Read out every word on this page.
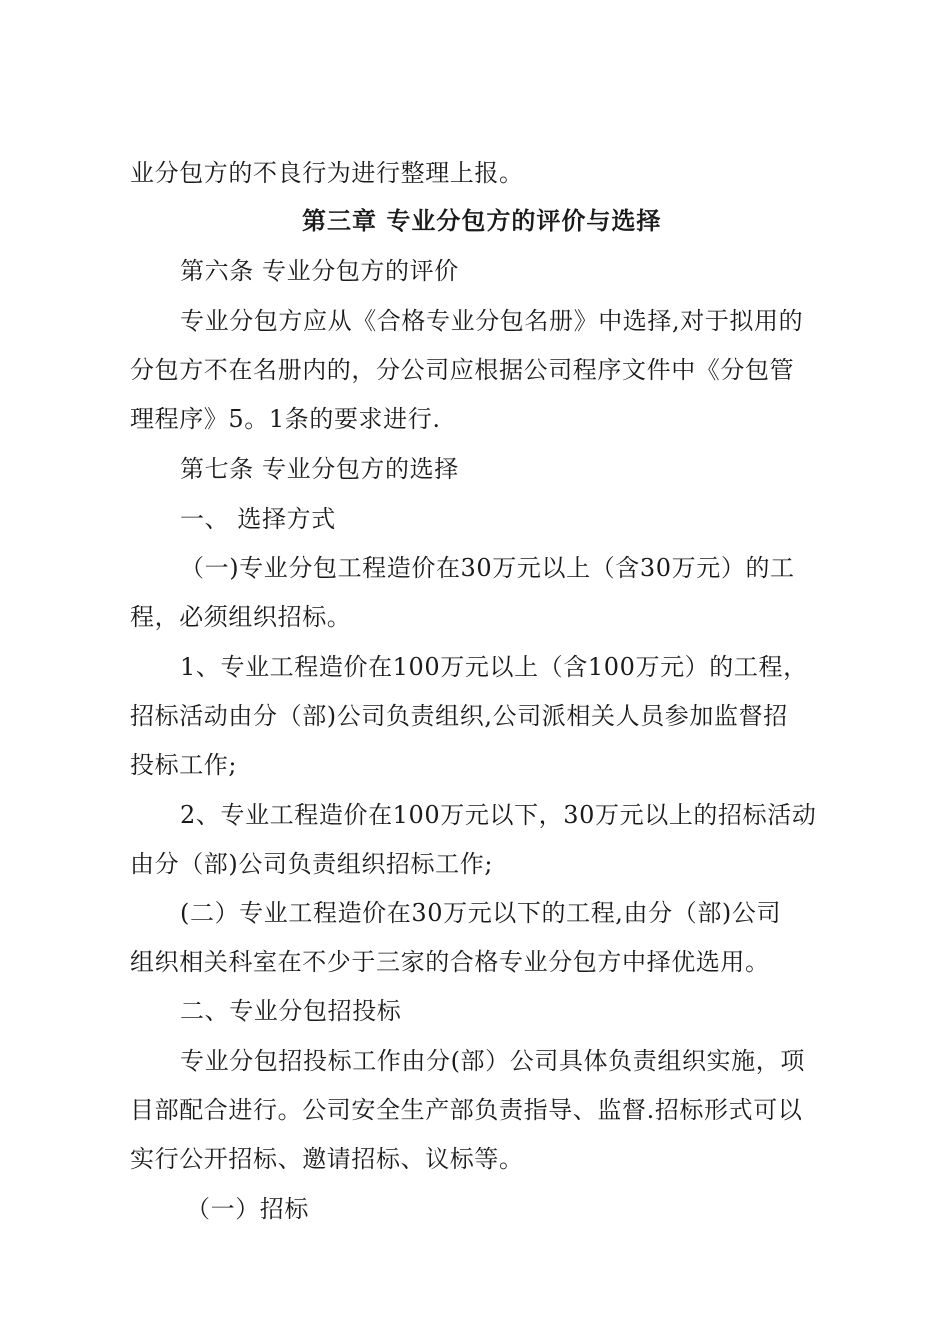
业分包方的不良行为进行整理上报。
第三章 专业分包方的评价与选择
第六条 专业分包方的评价
专业分包方应从《合格专业分包名册》中选择,对于拟用的
分包方不在名册内的，分公司应根据公司程序文件中《分包管
理程序》5。1条的要求进行.
第七条 专业分包方的选择
一、 选择方式
（一)专业分包工程造价在30万元以上（含30万元）的工
程，必须组织招标。
1、专业工程造价在100万元以上（含100万元）的工程，
招标活动由分（部)公司负责组织,公司派相关人员参加监督招
投标工作;
2、专业工程造价在100万元以下，30万元以上的招标活动
由分（部)公司负责组织招标工作;
(二）专业工程造价在30万元以下的工程,由分（部)公司
组织相关科室在不少于三家的合格专业分包方中择优选用。
二、专业分包招投标
专业分包招投标工作由分(部）公司具体负责组织实施，项
目部配合进行。公司安全生产部负责指导、监督.招标形式可以
实行公开招标、邀请招标、议标等。
（一）招标
